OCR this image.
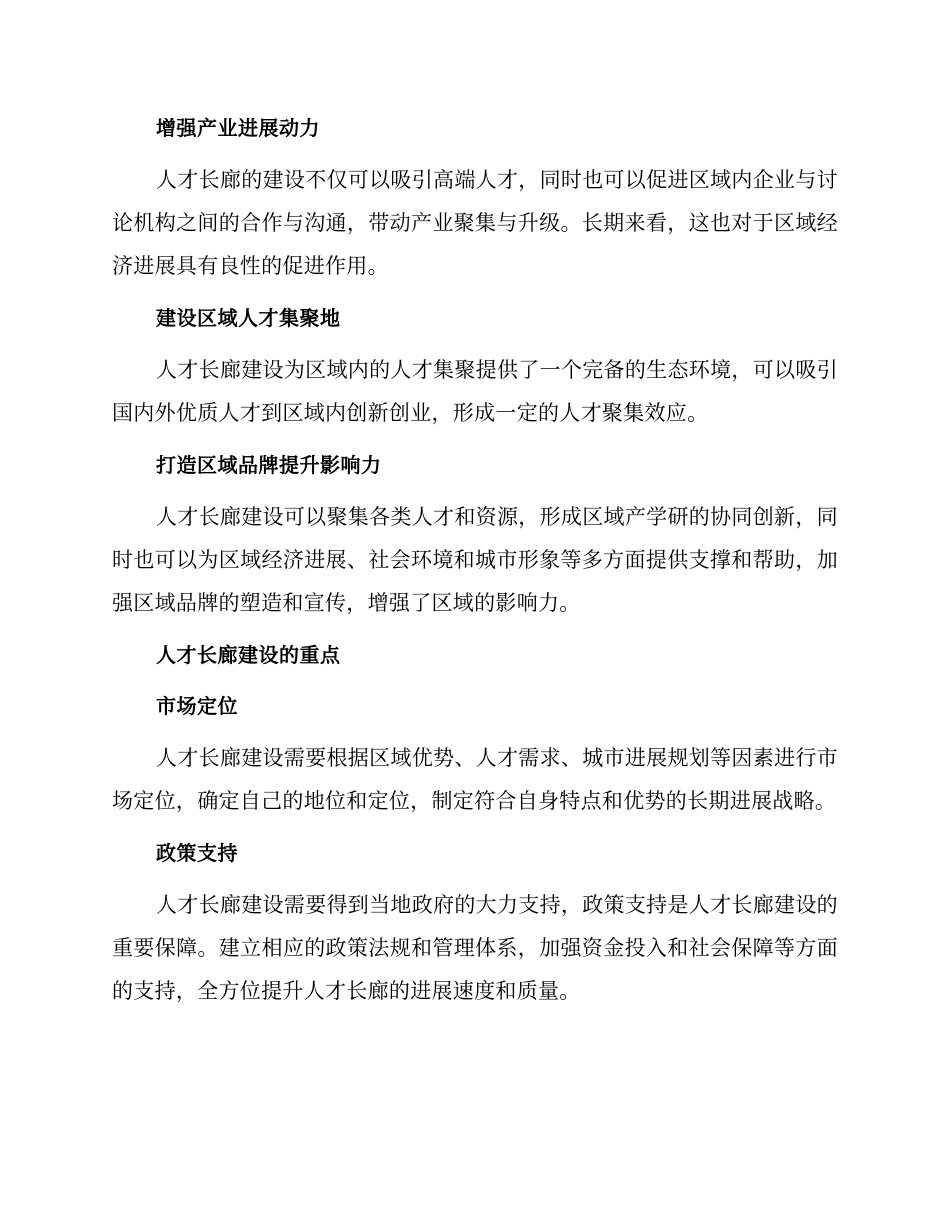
增强产业进展动力

人才长廊的建设不仅可以吸引高端人才，同时也可以促进区域内企业与讨论机构之间的合作与沟通，带动产业聚集与升级。长期来看，这也对于区域经济进展具有良性的促进作用。

建设区域人才集聚地

人才长廊建设为区域内的人才集聚提供了一个完备的生态环境，可以吸引国内外优质人才到区域内创新创业，形成一定的人才聚集效应。

打造区域品牌提升影响力

人才长廊建设可以聚集各类人才和资源，形成区域产学研的协同创新，同时也可以为区域经济进展、社会环境和城市形象等多方面提供支撑和帮助，加强区域品牌的塑造和宣传，增强了区域的影响力。

人才长廊建设的重点
市场定位

人才长廊建设需要根据区域优势、人才需求、城市进展规划等因素进行市场定位，确定自己的地位和定位，制定符合自身特点和优势的长期进展战略。

政策支持

人才长廊建设需要得到当地政府的大力支持，政策支持是人才长廊建设的重要保障。建立相应的政策法规和管理体系，加强资金投入和社会保障等方面的支持，全方位提升人才长廊的进展速度和质量。
